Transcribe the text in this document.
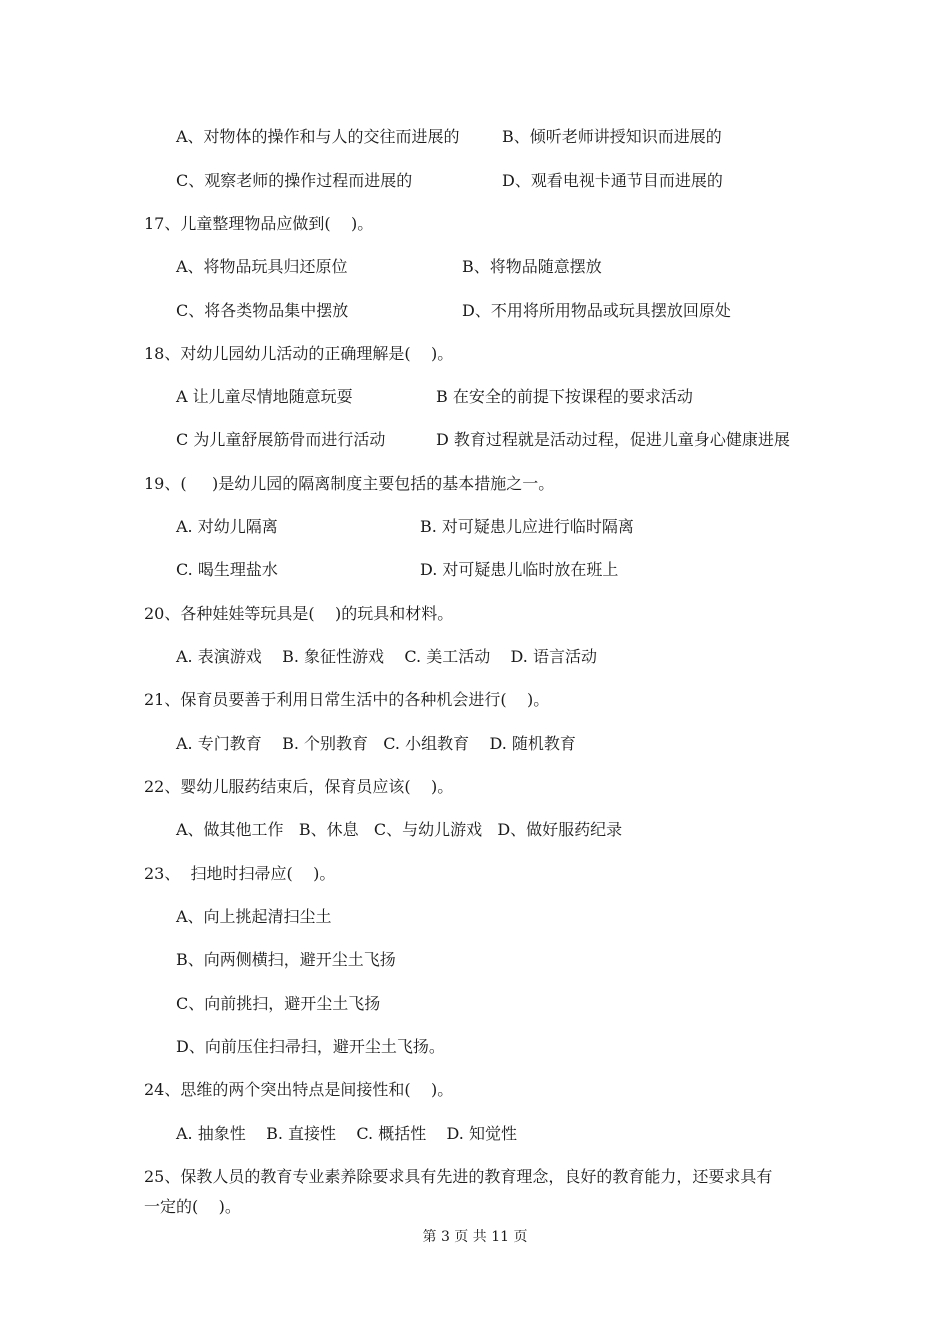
A、对物体的操作和与人的交往而进展的	B、倾听老师讲授知识而进展的

C、观察老师的操作过程而进展的	D、观看电视卡通节目而进展的

17、儿童整理物品应做到(    )。

A、将物品玩具归还原位	B、将物品随意摆放

C、将各类物品集中摆放	D、不用将所用物品或玩具摆放回原处

18、对幼儿园幼儿活动的正确理解是(    )。

A 让儿童尽情地随意玩耍	B 在安全的前提下按课程的要求活动

C 为儿童舒展筋骨而进行活动	D 教育过程就是活动过程，促进儿童身心健康进展

19、(     )是幼儿园的隔离制度主要包括的基本措施之一。

A. 对幼儿隔离	B. 对可疑患儿应进行临时隔离

C. 喝生理盐水	D. 对可疑患儿临时放在班上

20、各种娃娃等玩具是(    )的玩具和材料。

A. 表演游戏    B. 象征性游戏    C. 美工活动    D. 语言活动

21、保育员要善于利用日常生活中的各种机会进行(    )。

A. 专门教育    B. 个别教育   C. 小组教育    D. 随机教育

22、婴幼儿服药结束后，保育员应该(    )。

A、做其他工作   B、休息   C、与幼儿游戏   D、做好服药纪录

23、  扫地时扫帚应(    )。

A、向上挑起清扫尘土

B、向两侧横扫，避开尘土飞扬

C、向前挑扫，避开尘土飞扬

D、向前压住扫帚扫，避开尘土飞扬。

24、思维的两个突出特点是间接性和(    )。

A. 抽象性    B. 直接性    C. 概括性    D. 知觉性

25、保教人员的教育专业素养除要求具有先进的教育理念，良好的教育能力，还要求具有

一定的(    )。

第 3 页 共 11 页
